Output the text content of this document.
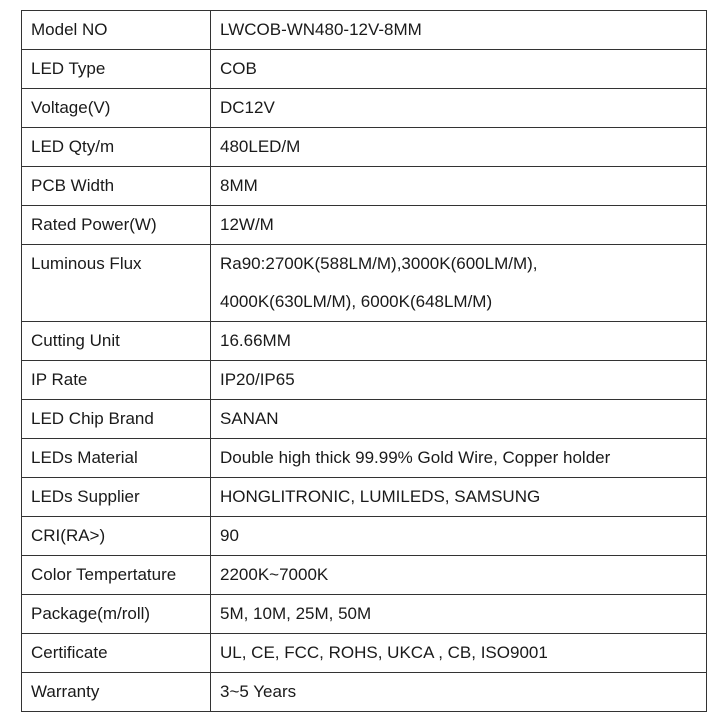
Model NO	LWCOB-WN480-12V-8MM

LED Type	COB

Voltage(V)	DC12V

LED Qty/m	480LED/M

PCB Width	8MM

Rated Power(W)	12W/M

Luminous Flux	Ra90:2700K(588LM/M),3000K(600LM/M),
4000K(630LM/M), 6000K(648LM/M)

Cutting Unit	16.66MM

IP Rate	IP20/IP65

LED Chip Brand	SANAN

LEDs Material	Double high thick 99.99% Gold Wire, Copper holder

LEDs Supplier	HONGLITRONIC, LUMILEDS, SAMSUNG

CRI(RA>)	90

Color Tempertature	2200K~7000K

Package(m/roll)	5M, 10M, 25M, 50M

Certificate	UL, CE, FCC, ROHS, UKCA , CB, ISO9001

Warranty	3~5 Years
